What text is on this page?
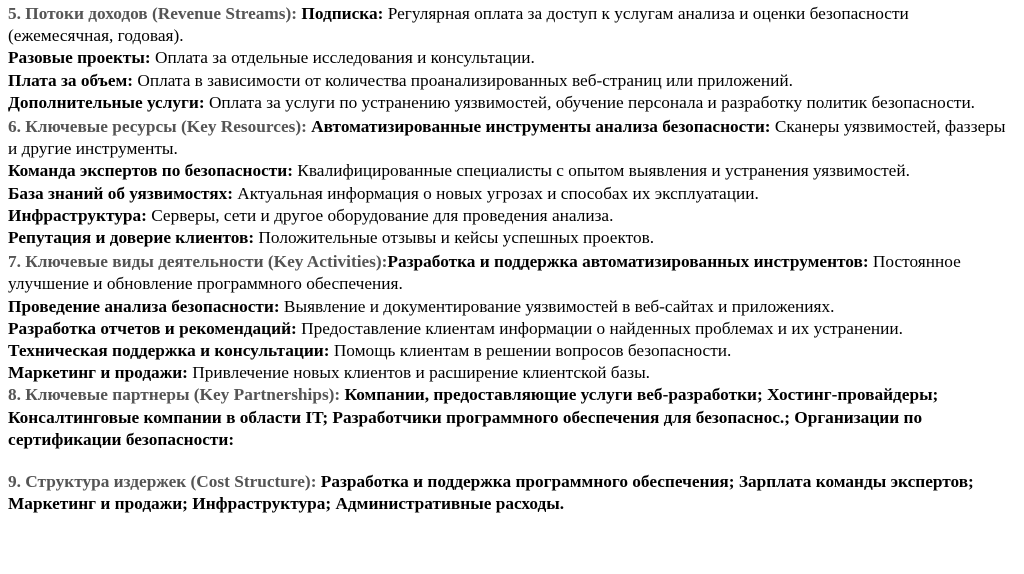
5. Потоки доходов (Revenue Streams): Подписка: Регулярная оплата за доступ к услугам анализа и оценки безопасности (ежемесячная, годовая).

Разовые проекты: Оплата за отдельные исследования и консультации.

Плата за объем: Оплата в зависимости от количества проанализированных веб-страниц или приложений.

Дополнительные услуги: Оплата за услуги по устранению уязвимостей, обучение персонала и разработку политик безопасности.

6. Ключевые ресурсы (Key Resources): Автоматизированные инструменты анализа безопасности: Сканеры уязвимостей, фаззеры и другие инструменты.

Команда экспертов по безопасности: Квалифицированные специалисты с опытом выявления и устранения уязвимостей.

База знаний об уязвимостях: Актуальная информация о новых угрозах и способах их эксплуатации.

Инфраструктура: Серверы, сети и другое оборудование для проведения анализа.

Репутация и доверие клиентов: Положительные отзывы и кейсы успешных проектов.

7. Ключевые виды деятельности (Key Activities):Разработка и поддержка автоматизированных инструментов: Постоянное улучшение и обновление программного обеспечения.

Проведение анализа безопасности: Выявление и документирование уязвимостей в веб-сайтах и приложениях.

Разработка отчетов и рекомендаций: Предоставление клиентам информации о найденных проблемах и их устранении.

Техническая поддержка и консультации: Помощь клиентам в решении вопросов безопасности.

Маркетинг и продажи: Привлечение новых клиентов и расширение клиентской базы.

8. Ключевые партнеры (Key Partnerships): Компании, предоставляющие услуги веб-разработки; Хостинг-провайдеры; Консалтинговые компании в области IT; Разработчики программного обеспечения для безопаснос.; Организации по сертификации безопасности:

9. Структура издержек (Cost Structure): Разработка и поддержка программного обеспечения; Зарплата команды экспертов; Маркетинг и продажи; Инфраструктура; Административные расходы.
